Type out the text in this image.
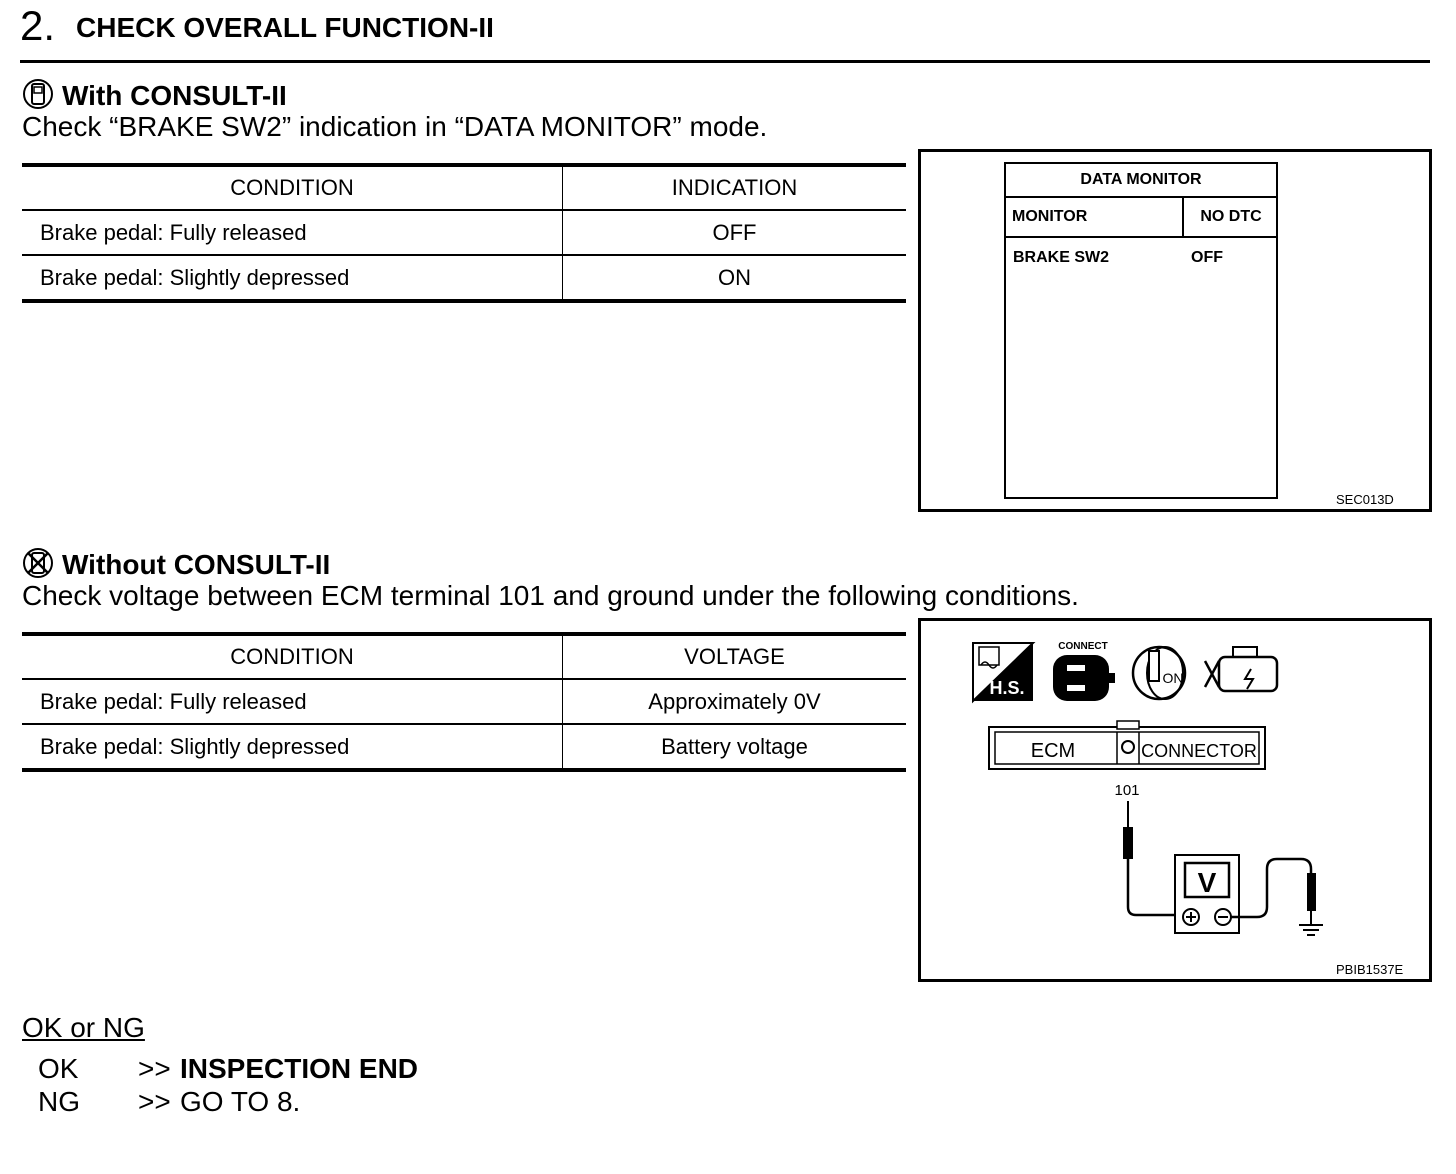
2. CHECK OVERALL FUNCTION-II
With CONSULT-II
Check “BRAKE SW2” indication in “DATA MONITOR” mode.
CONDITION	INDICATION
Brake pedal: Fully released	OFF
Brake pedal: Slightly depressed	ON
DATA MONITOR
MONITOR	NO DTC
BRAKE SW2	OFF
SEC013D
Without CONSULT-II
Check voltage between ECM terminal 101 and ground under the following conditions.
CONDITION	VOLTAGE
Brake pedal: Fully released	Approximately 0V
Brake pedal: Slightly depressed	Battery voltage
H.S.
CONNECT
ON
ECM	CONNECTOR
101
V
PBIB1537E
OK or NG
OK >> INSPECTION END
NG >> GO TO 8.
